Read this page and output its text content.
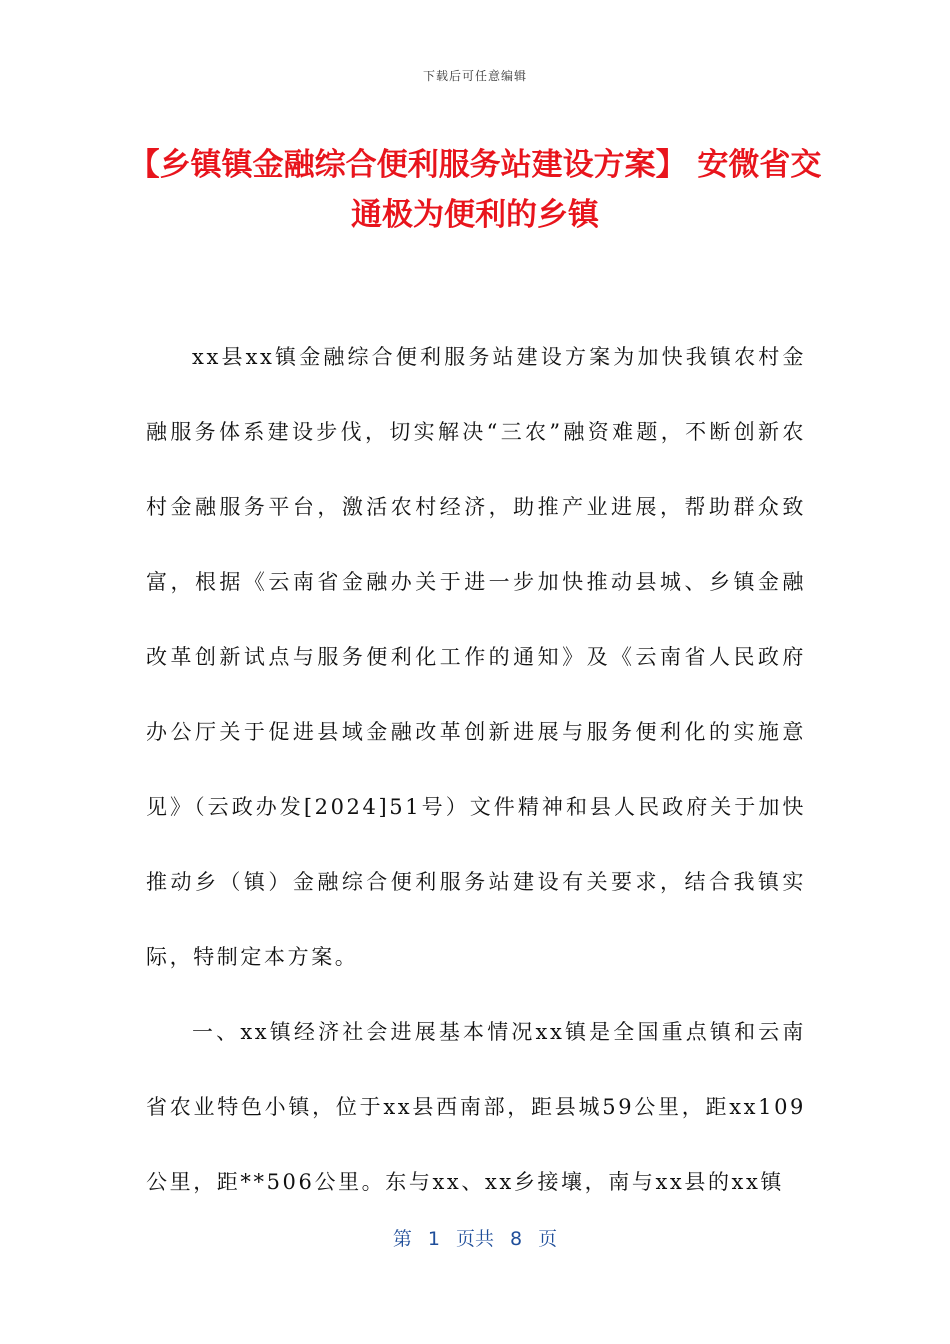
下载后可任意编辑
【乡镇镇金融综合便利服务站建设方案】 安微省交通极为便利的乡镇

xx县xx镇金融综合便利服务站建设方案为加快我镇农村金融服务体系建设步伐，切实解决“三农”融资难题，不断创新农村金融服务平台，激活农村经济，助推产业进展，帮助群众致富，根据《云南省金融办关于进一步加快推动县城、乡镇金融改革创新试点与服务便利化工作的通知》及《云南省人民政府办公厅关于促进县域金融改革创新进展与服务便利化的实施意见》（云政办发[2024]51号）文件精神和县人民政府关于加快推动乡（镇）金融综合便利服务站建设有关要求，结合我镇实际，特制定本方案。

一、xx镇经济社会进展基本情况xx镇是全国重点镇和云南省农业特色小镇，位于xx县西南部，距县城59公里，距xx109公里，距**506公里。东与xx、xx乡接壤，南与xx县的xx镇

第 1 页共 8 页
